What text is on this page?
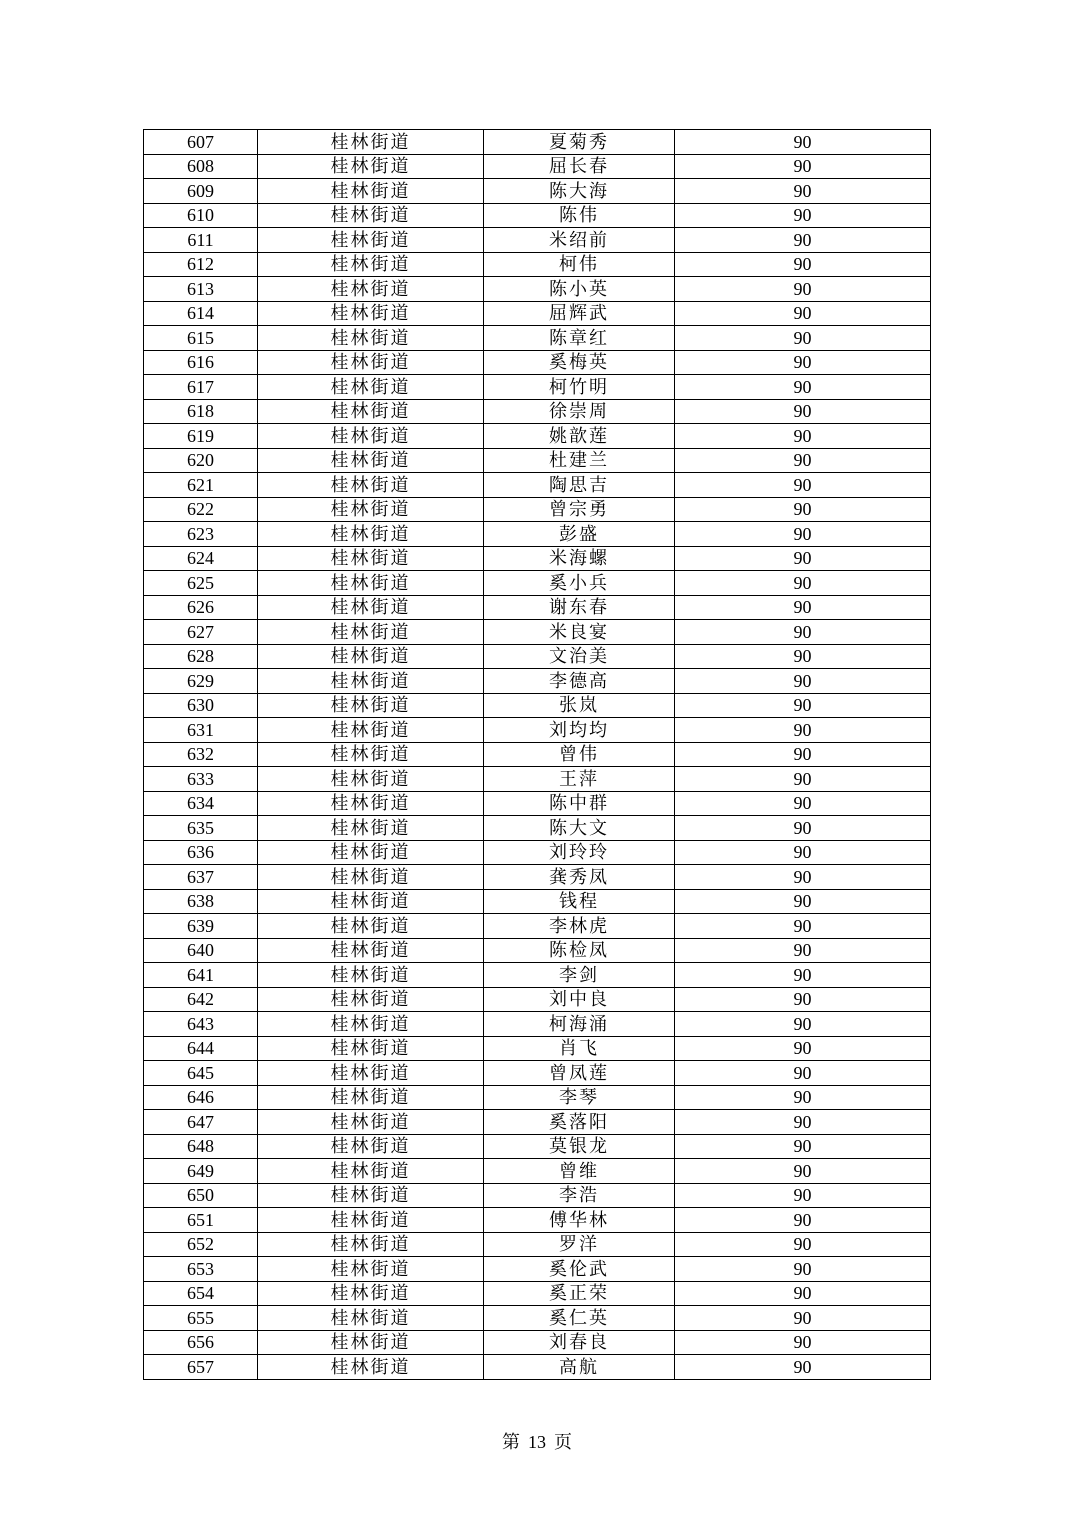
607	桂林街道	夏菊秀	90
608	桂林街道	屈长春	90
609	桂林街道	陈大海	90
610	桂林街道	陈伟	90
611	桂林街道	米绍前	90
612	桂林街道	柯伟	90
613	桂林街道	陈小英	90
614	桂林街道	屈辉武	90
615	桂林街道	陈章红	90
616	桂林街道	奚梅英	90
617	桂林街道	柯竹明	90
618	桂林街道	徐崇周	90
619	桂林街道	姚歆莲	90
620	桂林街道	杜建兰	90
621	桂林街道	陶思吉	90
622	桂林街道	曾宗勇	90
623	桂林街道	彭盛	90
624	桂林街道	米海螺	90
625	桂林街道	奚小兵	90
626	桂林街道	谢东春	90
627	桂林街道	米良宴	90
628	桂林街道	文治美	90
629	桂林街道	李德高	90
630	桂林街道	张岚	90
631	桂林街道	刘均均	90
632	桂林街道	曾伟	90
633	桂林街道	王萍	90
634	桂林街道	陈中群	90
635	桂林街道	陈大文	90
636	桂林街道	刘玲玲	90
637	桂林街道	龚秀凤	90
638	桂林街道	钱程	90
639	桂林街道	李林虎	90
640	桂林街道	陈检凤	90
641	桂林街道	李剑	90
642	桂林街道	刘中良	90
643	桂林街道	柯海涌	90
644	桂林街道	肖飞	90
645	桂林街道	曾凤莲	90
646	桂林街道	李琴	90
647	桂林街道	奚落阳	90
648	桂林街道	莫银龙	90
649	桂林街道	曾维	90
650	桂林街道	李浩	90
651	桂林街道	傅华林	90
652	桂林街道	罗洋	90
653	桂林街道	奚伦武	90
654	桂林街道	奚正荣	90
655	桂林街道	奚仁英	90
656	桂林街道	刘春良	90
657	桂林街道	高航	90
第 13 页
